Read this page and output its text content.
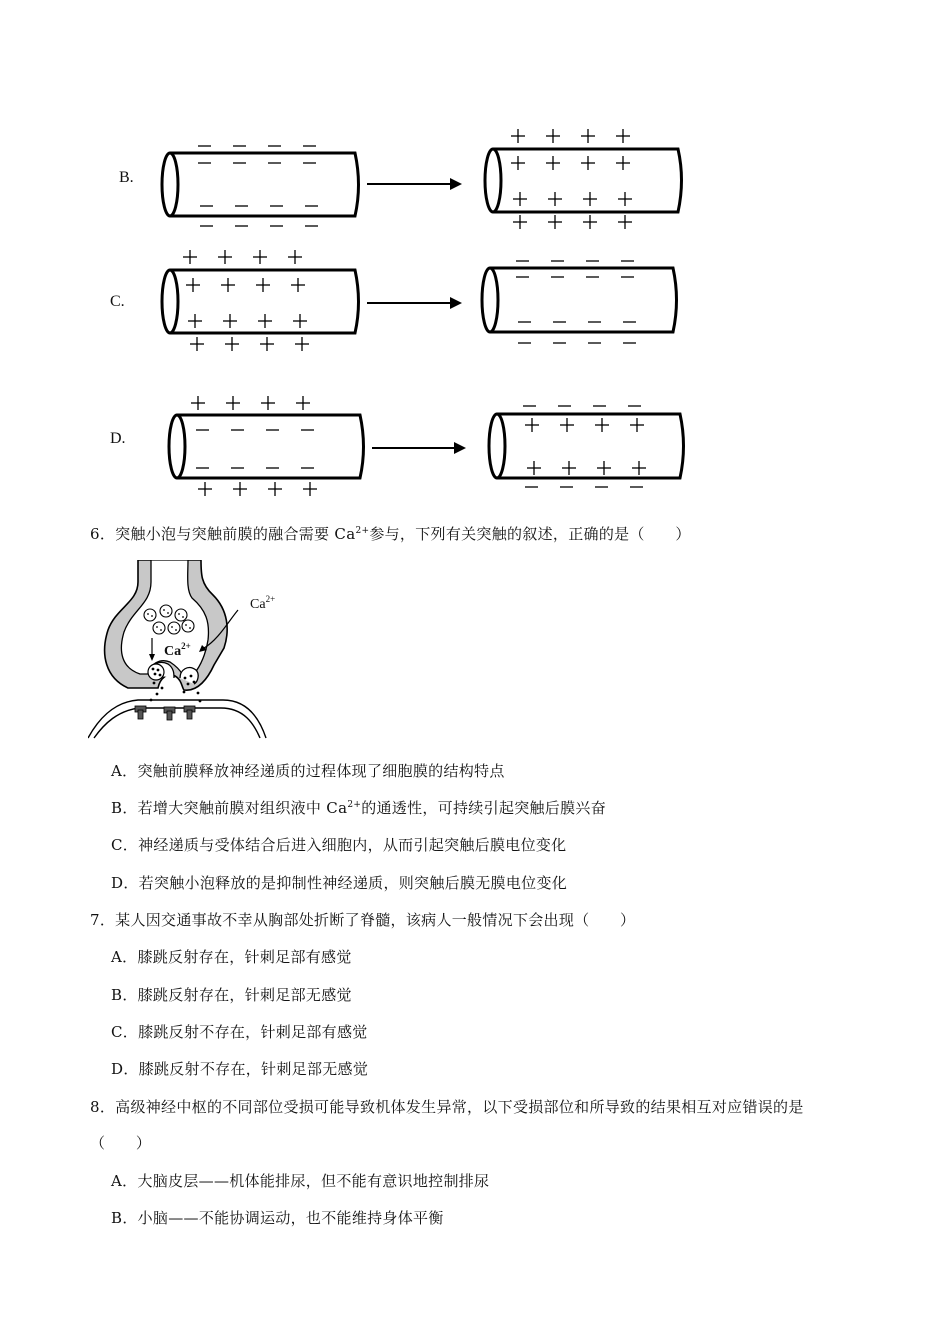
B.
C.
D.
6．突触小泡与突触前膜的融合需要 $Ca^{2+}$参与，下列有关突触的叙述，正确的是（　　）
$Ca^{2+}$
$Ca^{2+}$
A．突触前膜释放神经递质的过程体现了细胞膜的结构特点
B．若增大突触前膜对组织液中 $Ca^{2+}$的通透性，可持续引起突触后膜兴奋
C．神经递质与受体结合后进入细胞内，从而引起突触后膜电位变化
D．若突触小泡释放的是抑制性神经递质，则突触后膜无膜电位变化
7．某人因交通事故不幸从胸部处折断了脊髓，该病人一般情况下会出现（　　）
A．膝跳反射存在，针刺足部有感觉
B．膝跳反射存在，针刺足部无感觉
C．膝跳反射不存在，针刺足部有感觉
D．膝跳反射不存在，针刺足部无感觉
8．高级神经中枢的不同部位受损可能导致机体发生异常，以下受损部位和所导致的结果相互对应错误的是
（　　）
A．大脑皮层——机体能排尿，但不能有意识地控制排尿
B．小脑——不能协调运动，也不能维持身体平衡
